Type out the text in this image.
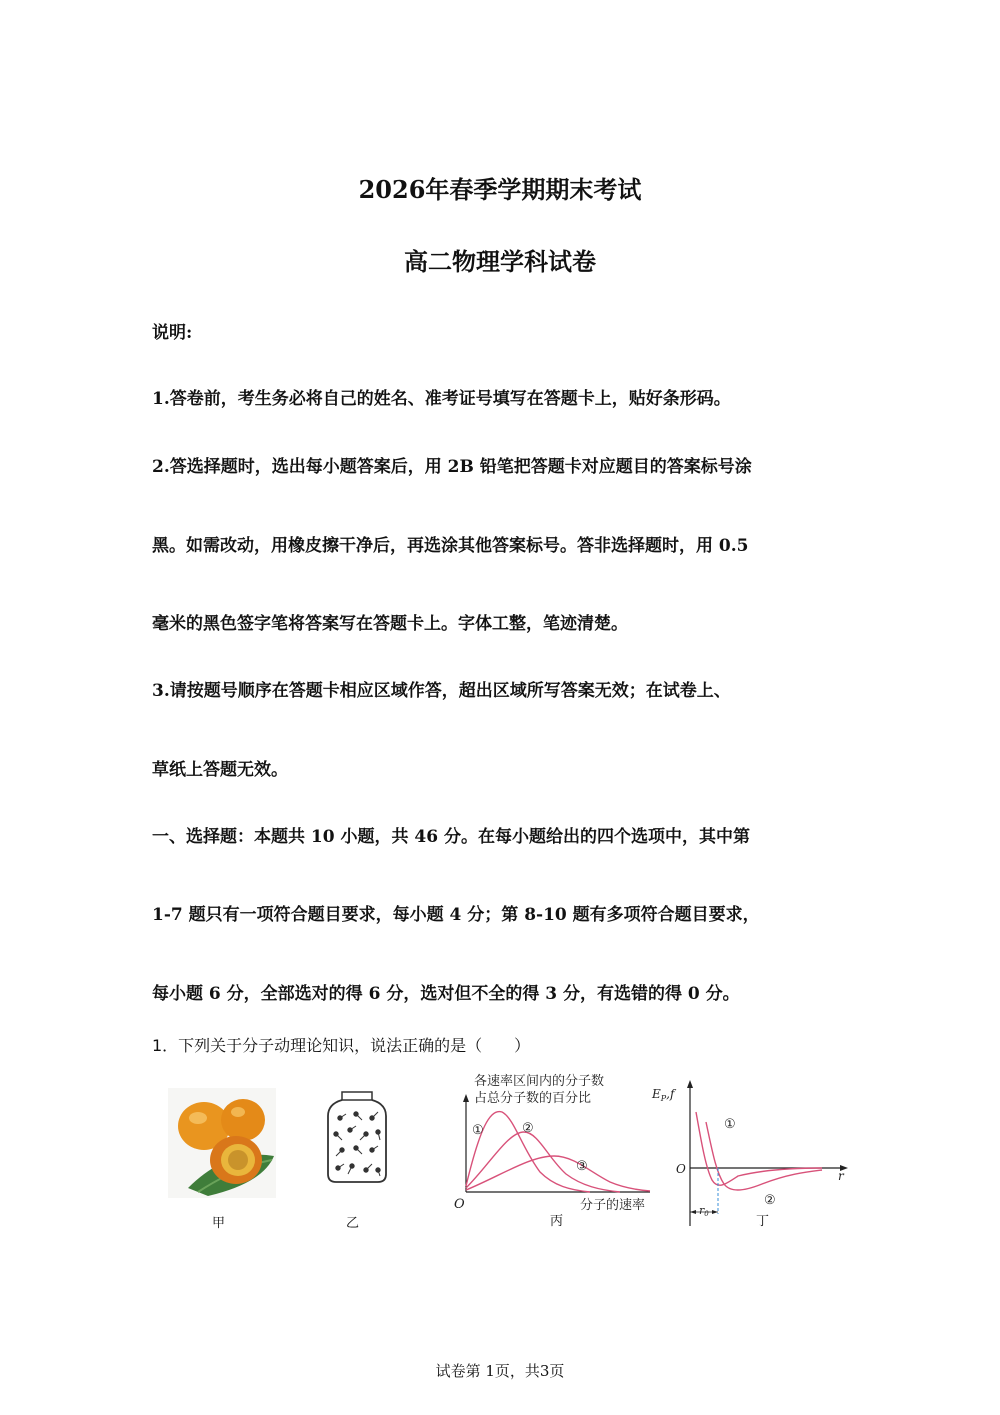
2026年春季学期期末考试
高二物理学科试卷
说明:
1.答卷前，考生务必将自己的姓名、准考证号填写在答题卡上，贴好条形码。
2.答选择题时，选出每小题答案后，用 2B 铅笔把答题卡对应题目的答案标号涂
黑。如需改动，用橡皮擦干净后，再选涂其他答案标号。答非选择题时，用 0.5
毫米的黑色签字笔将答案写在答题卡上。字体工整，笔迹清楚。
3.请按题号顺序在答题卡相应区域作答，超出区域所写答案无效；在试卷上、
草纸上答题无效。
一、选择题：本题共 10 小题，共 46 分。在每小题给出的四个选项中，其中第
1-7 题只有一项符合题目要求，每小题 4 分；第 8-10 题有多项符合题目要求，
每小题 6 分，全部选对的得 6 分，选对但不全的得 3 分，有选错的得 0 分。
1．下列关于分子动理论知识，说法正确的是（　　）
甲	乙
各速率区间内的分子数
占总分子数的百分比
O	分子的速率
①	②
③
丙
$E_P,f$
O	r
r0
①
②
丁
试卷第 1页，共3页
